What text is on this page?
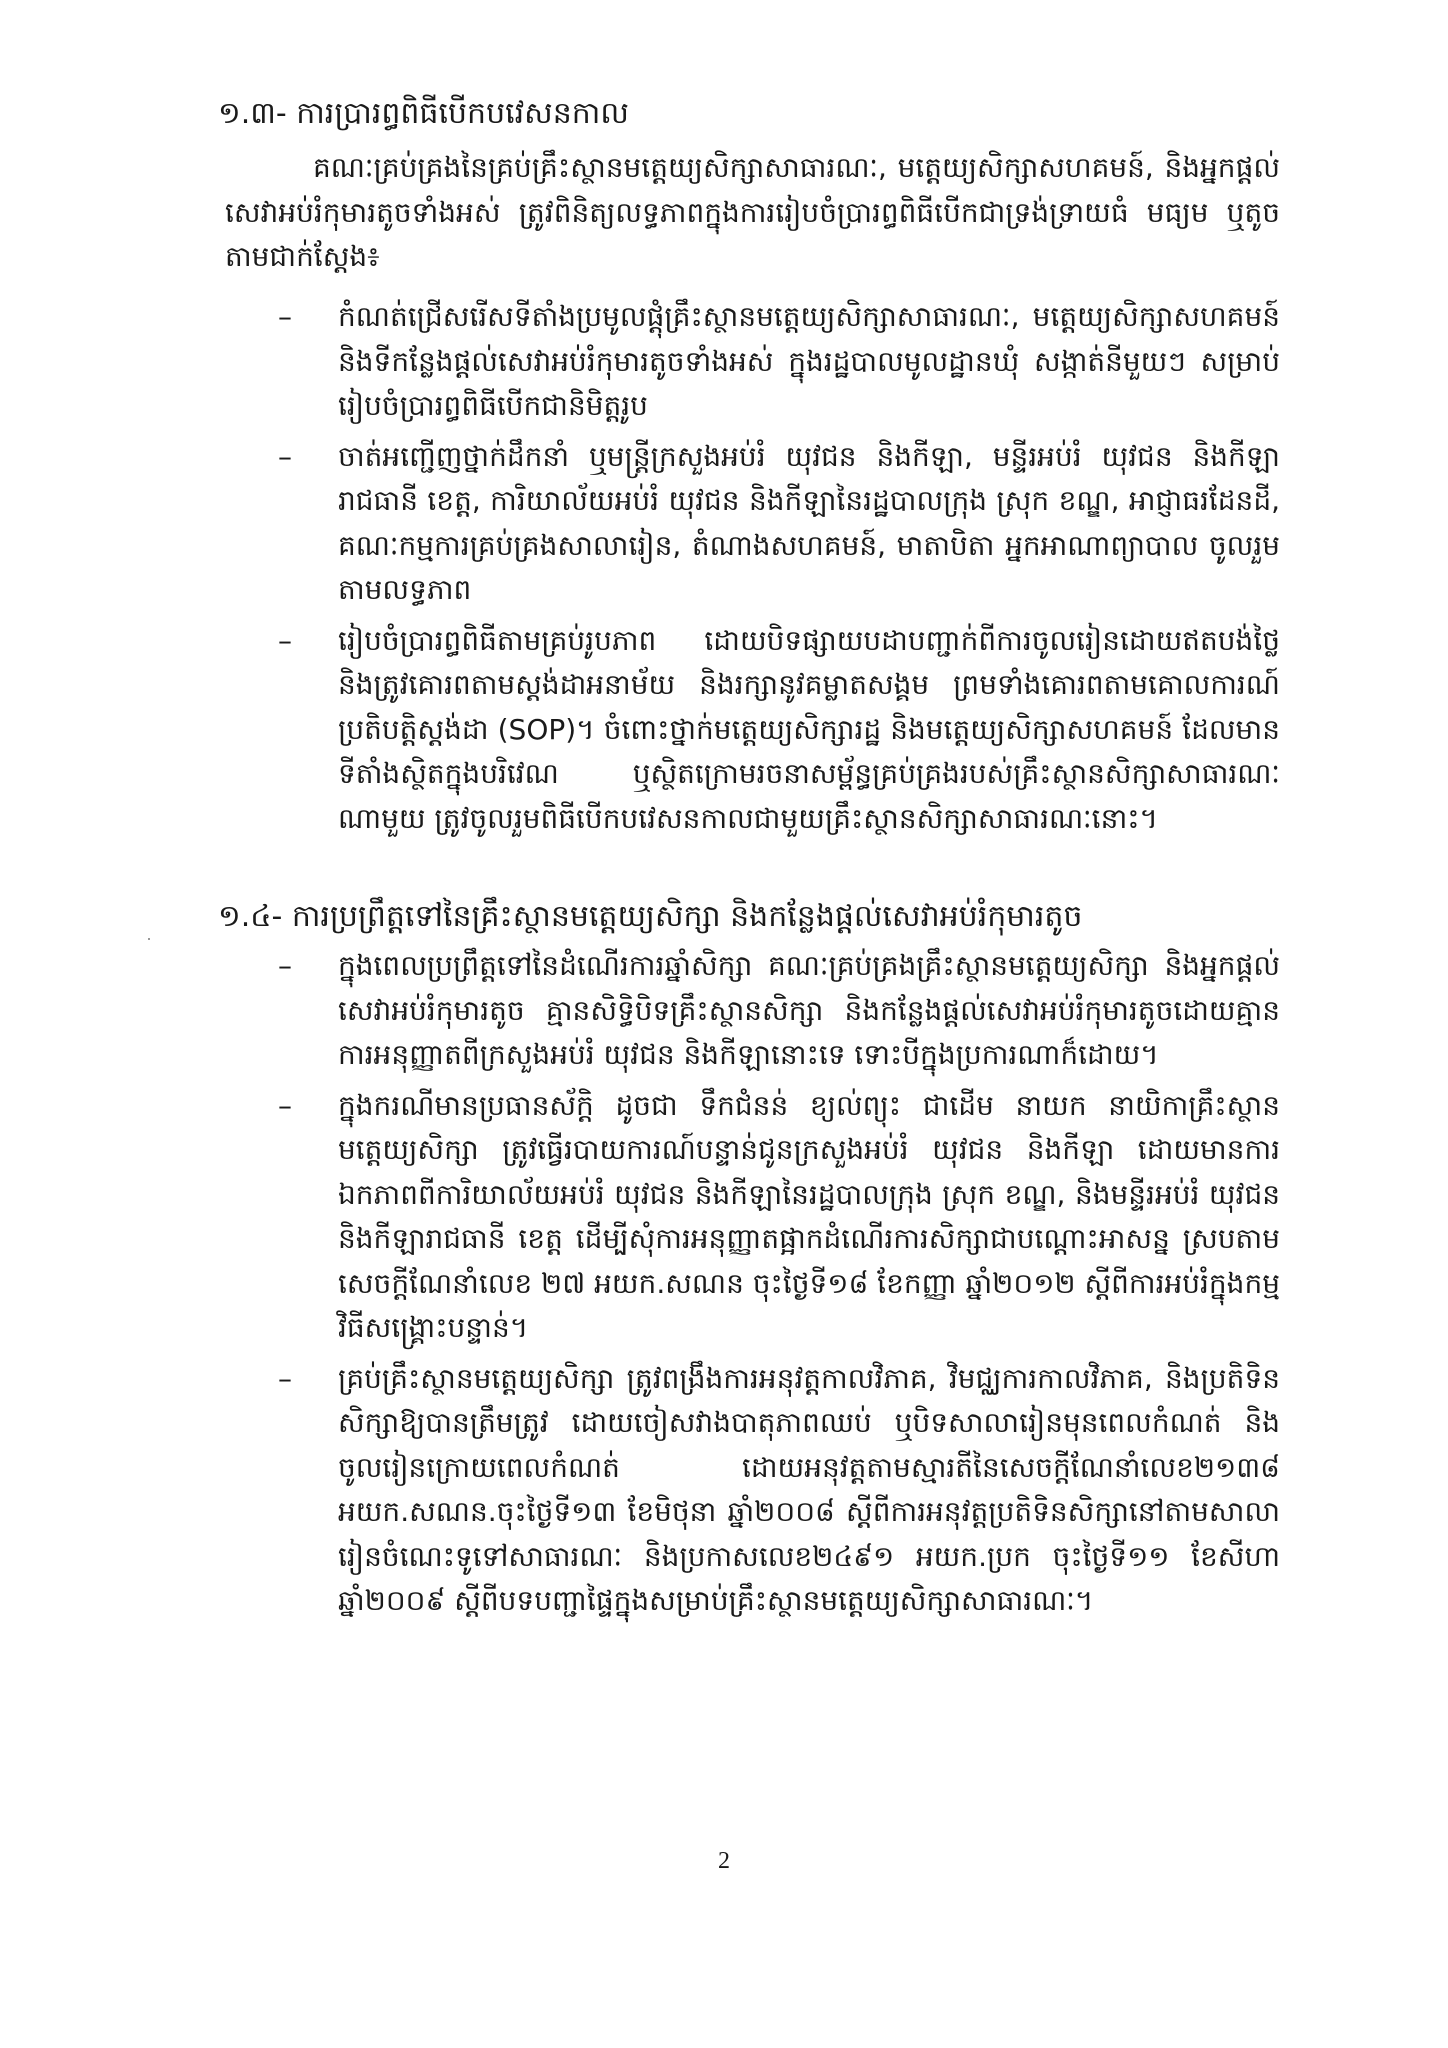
១.៣- ការប្រារព្ធពិធីបើកបវេសនកាល
គណៈគ្រប់គ្រងនៃគ្រប់គ្រឹះស្ថានមត្តេយ្យសិក្សាសាធារណៈ, មត្តេយ្យសិក្សាសហគមន៍, និងអ្នកផ្តល់សេវាអប់រំកុមារតូចទាំងអស់ ត្រូវពិនិត្យលទ្ធភាពក្នុងការរៀបចំប្រារព្ធពិធីបើកជាទ្រង់ទ្រាយធំ មធ្យម ឬតូចតាមជាក់ស្តែង៖
– កំណត់ជ្រើសរើសទីតាំងប្រមូលផ្តុំគ្រឹះស្ថានមត្តេយ្យសិក្សាសាធារណៈ, មត្តេយ្យសិក្សាសហគមន៍ និងទីកន្លែងផ្តល់សេវាអប់រំកុមារតូចទាំងអស់ ក្នុងរដ្ឋបាលមូលដ្ឋានឃុំ សង្កាត់នីមួយៗ សម្រាប់រៀបចំប្រារព្ធពិធីបើកជានិមិត្តរូប
– ចាត់អញ្ជើញថ្នាក់ដឹកនាំ ឬមន្ត្រីក្រសួងអប់រំ យុវជន និងកីឡា, មន្ទីរអប់រំ យុវជន និងកីឡារាជធានី ខេត្ត, ការិយាល័យអប់រំ យុវជន និងកីឡានៃរដ្ឋបាលក្រុង ស្រុក ខណ្ឌ, អាជ្ញាធរដែនដី, គណៈកម្មការគ្រប់គ្រងសាលារៀន, តំណាងសហគមន៍, មាតាបិតា អ្នកអាណាព្យាបាល ចូលរួមតាមលទ្ធភាព
– រៀបចំប្រារព្ធពិធីតាមគ្រប់រូបភាព ដោយបិទផ្សាយបដាបញ្ជាក់ពីការចូលរៀនដោយឥតបង់ថ្លៃ និងត្រូវគោរពតាមស្តង់ដាអនាម័យ និងរក្សានូវគម្លាតសង្គម ព្រមទាំងគោរពតាមគោលការណ៍ប្រតិបត្តិស្តង់ដា (SOP)។ ចំពោះថ្នាក់មត្តេយ្យសិក្សារដ្ឋ និងមត្តេយ្យសិក្សាសហគមន៍ ដែលមានទីតាំងស្ថិតក្នុងបរិវេណ ឬស្ថិតក្រោមរចនាសម្ព័ន្ធគ្រប់គ្រងរបស់គ្រឹះស្ថានសិក្សាសាធារណៈណាមួយ ត្រូវចូលរួមពិធីបើកបវេសនកាលជាមួយគ្រឹះស្ថានសិក្សាសាធារណៈនោះ។
១.៤- ការប្រព្រឹត្តទៅនៃគ្រឹះស្ថានមត្តេយ្យសិក្សា និងកន្លែងផ្តល់សេវាអប់រំកុមារតូច
– ក្នុងពេលប្រព្រឹត្តទៅនៃដំណើរការឆ្នាំសិក្សា គណៈគ្រប់គ្រងគ្រឹះស្ថានមត្តេយ្យសិក្សា និងអ្នកផ្តល់សេវាអប់រំកុមារតូច គ្មានសិទ្ធិបិទគ្រឹះស្ថានសិក្សា និងកន្លែងផ្តល់សេវាអប់រំកុមារតូចដោយគ្មានការអនុញ្ញាតពីក្រសួងអប់រំ យុវជន និងកីឡានោះទេ ទោះបីក្នុងប្រការណាក៏ដោយ។
– ក្នុងករណីមានប្រធានស័ក្តិ ដូចជា ទឹកជំនន់ ខ្យល់ព្យុះ ជាដើម នាយក នាយិកាគ្រឹះស្ថានមត្តេយ្យសិក្សា ត្រូវធ្វើរបាយការណ៍បន្ទាន់ជូនក្រសួងអប់រំ យុវជន និងកីឡា ដោយមានការឯកភាពពីការិយាល័យអប់រំ យុវជន និងកីឡានៃរដ្ឋបាលក្រុង ស្រុក ខណ្ឌ, និងមន្ទីរអប់រំ យុវជន និងកីឡារាជធានី ខេត្ត ដើម្បីសុំការអនុញ្ញាតផ្អាកដំណើរការសិក្សាជាបណ្តោះអាសន្ន ស្របតាមសេចក្តីណែនាំលេខ ២៧ អយក.សណន ចុះថ្ងៃទី១៨ ខែកញ្ញា ឆ្នាំ២០១២ ស្តីពីការអប់រំក្នុងកម្មវិធីសង្គ្រោះបន្ទាន់។
– គ្រប់គ្រឹះស្ថានមត្តេយ្យសិក្សា ត្រូវពង្រឹងការអនុវត្តកាលវិភាគ, វិមជ្ឈការកាលវិភាគ, និងប្រតិទិនសិក្សាឱ្យបានត្រឹមត្រូវ ដោយចៀសវាងបាតុភាពឈប់ ឬបិទសាលារៀនមុនពេលកំណត់ និងចូលរៀនក្រោយពេលកំណត់ ដោយអនុវត្តតាមស្មារតីនៃសេចក្តីណែនាំលេខ២១៣៨ អយក.សណន.ចុះថ្ងៃទី១៣ ខែមិថុនា ឆ្នាំ២០០៨ ស្តីពីការអនុវត្តប្រតិទិនសិក្សានៅតាមសាលារៀនចំណេះទូទៅសាធារណៈ និងប្រកាសលេខ២៤៩១ អយក.ប្រក ចុះថ្ងៃទី១១ ខែសីហា ឆ្នាំ២០០៩ ស្តីពីបទបញ្ជាផ្ទៃក្នុងសម្រាប់គ្រឹះស្ថានមត្តេយ្យសិក្សាសាធារណៈ។
2
